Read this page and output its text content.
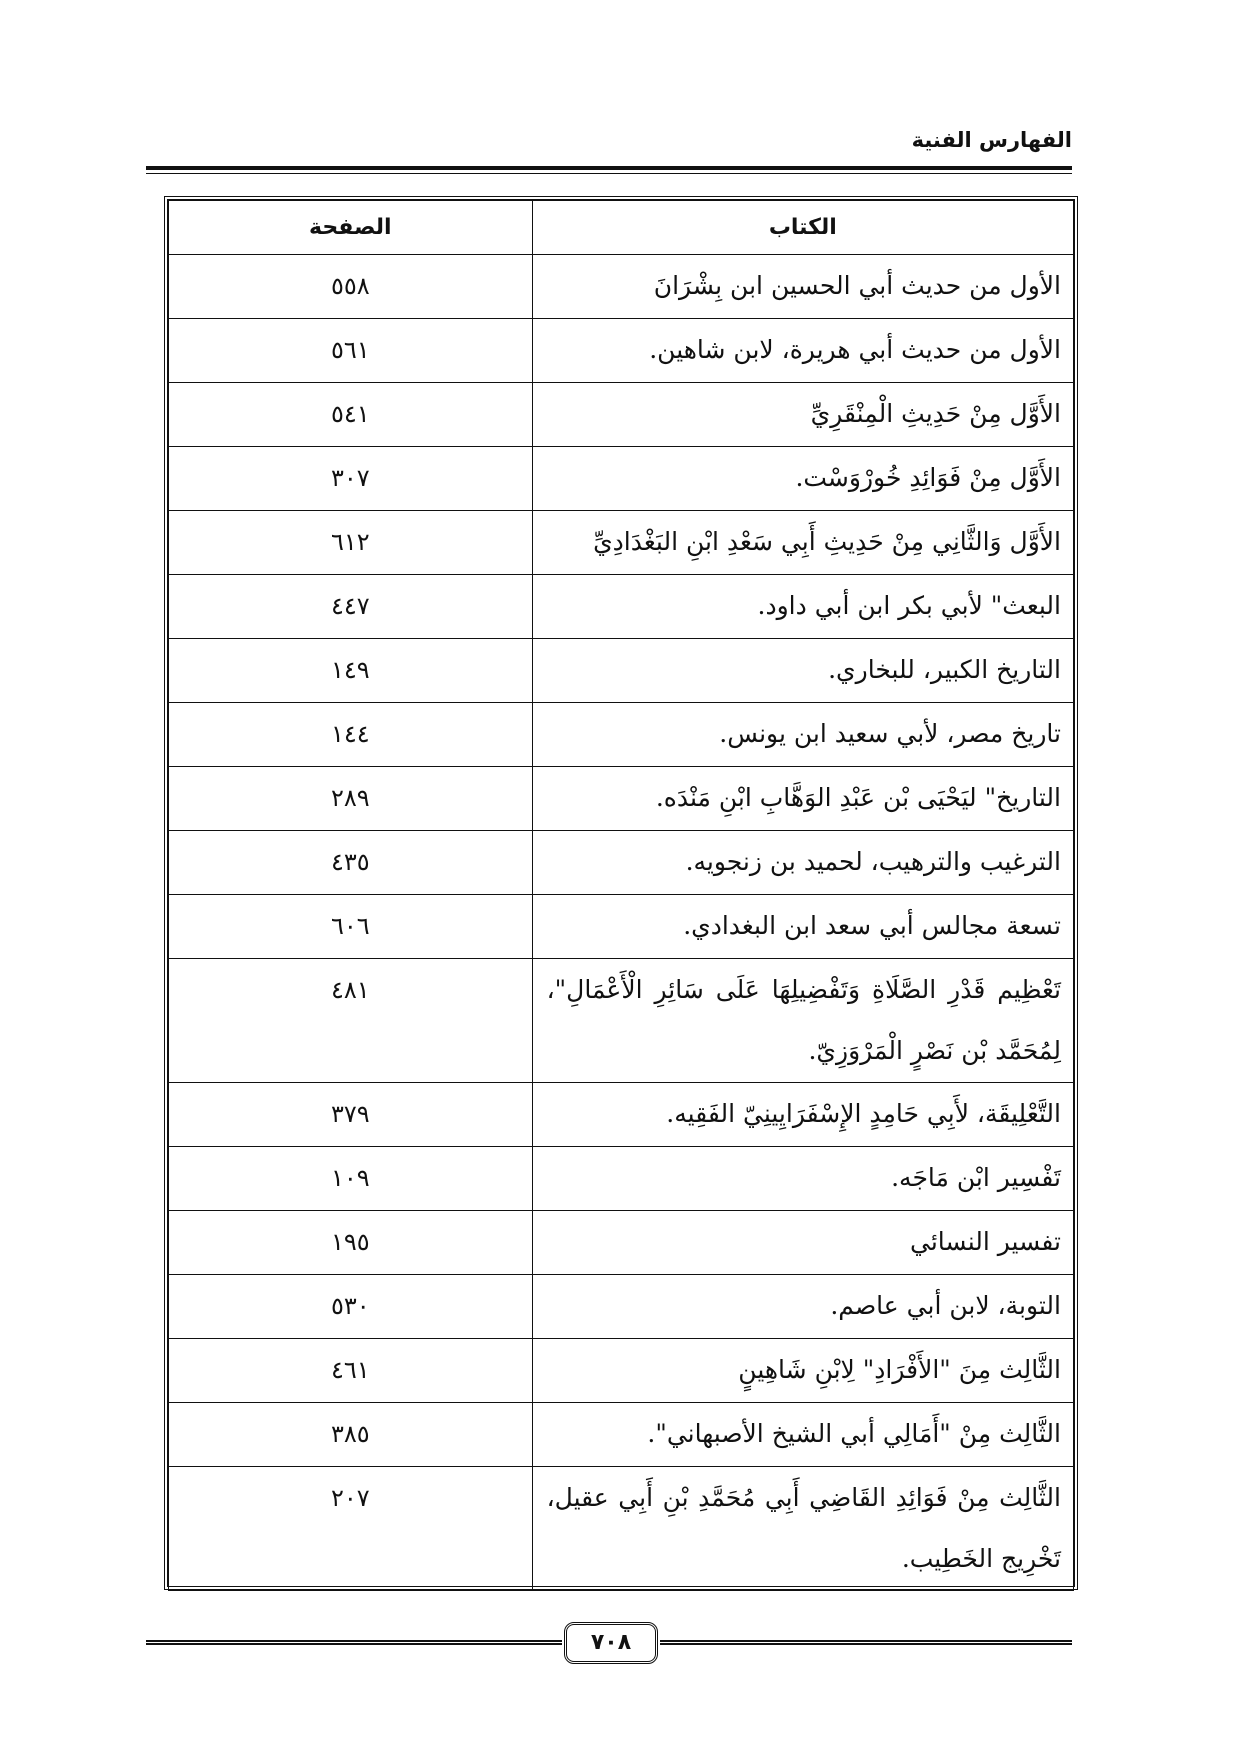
الفهارس الفنية
الكتاب	الصفحة
الأول من حديث أبي الحسين ابن بِشْرَانَ	٥٥٨
الأول من حديث أبي هريرة، لابن شاهين.	٥٦١
الأَوَّل مِنْ حَدِيثِ الْمِنْقَرِيِّ	٥٤١
الأَوَّل مِنْ فَوَائِدِ خُورْوَسْت.	٣٠٧
الأَوَّل وَالثَّانِي مِنْ حَدِيثِ أَبِي سَعْدِ ابْنِ البَغْدَادِيِّ	٦١٢
البعث" لأبي بكر ابن أبي داود.	٤٤٧
التاريخ الكبير، للبخاري.	١٤٩
تاريخ مصر، لأبي سعيد ابن يونس.	١٤٤
التاريخ" ليَحْيَى بْن عَبْدِ الوَهَّابِ ابْنِ مَنْدَه.	٢٨٩
الترغيب والترهيب، لحميد بن زنجويه.	٤٣٥
تسعة مجالس أبي سعد ابن البغدادي.	٦٠٦
تَعْظِيم قَدْرِ الصَّلَاةِ وَتَفْضِيلِهَا عَلَى سَائِرِ الْأَعْمَالِ"، لِمُحَمَّد بْن نَصْرٍ الْمَرْوَزِيّ.	٤٨١
التَّعْلِيقَة، لأَبِي حَامِدٍ الإِسْفَرَايِينِيّ الفَقِيه.	٣٧٩
تَفْسِير ابْن مَاجَه.	١٠٩
تفسير النسائي	١٩٥
التوبة، لابن أبي عاصم.	٥٣٠
الثَّالِث مِنَ "الأَفْرَادِ" لِابْنِ شَاهِينٍ	٤٦١
الثَّالِث مِنْ "أَمَالِي أبي الشيخ الأصبهاني".	٣٨٥
الثَّالِث مِنْ فَوَائِدِ القَاضِي أَبِي مُحَمَّدِ بْنِ أَبِي عقيل، تَخْرِيج الخَطِيب.	٢٠٧
٧٠٨
